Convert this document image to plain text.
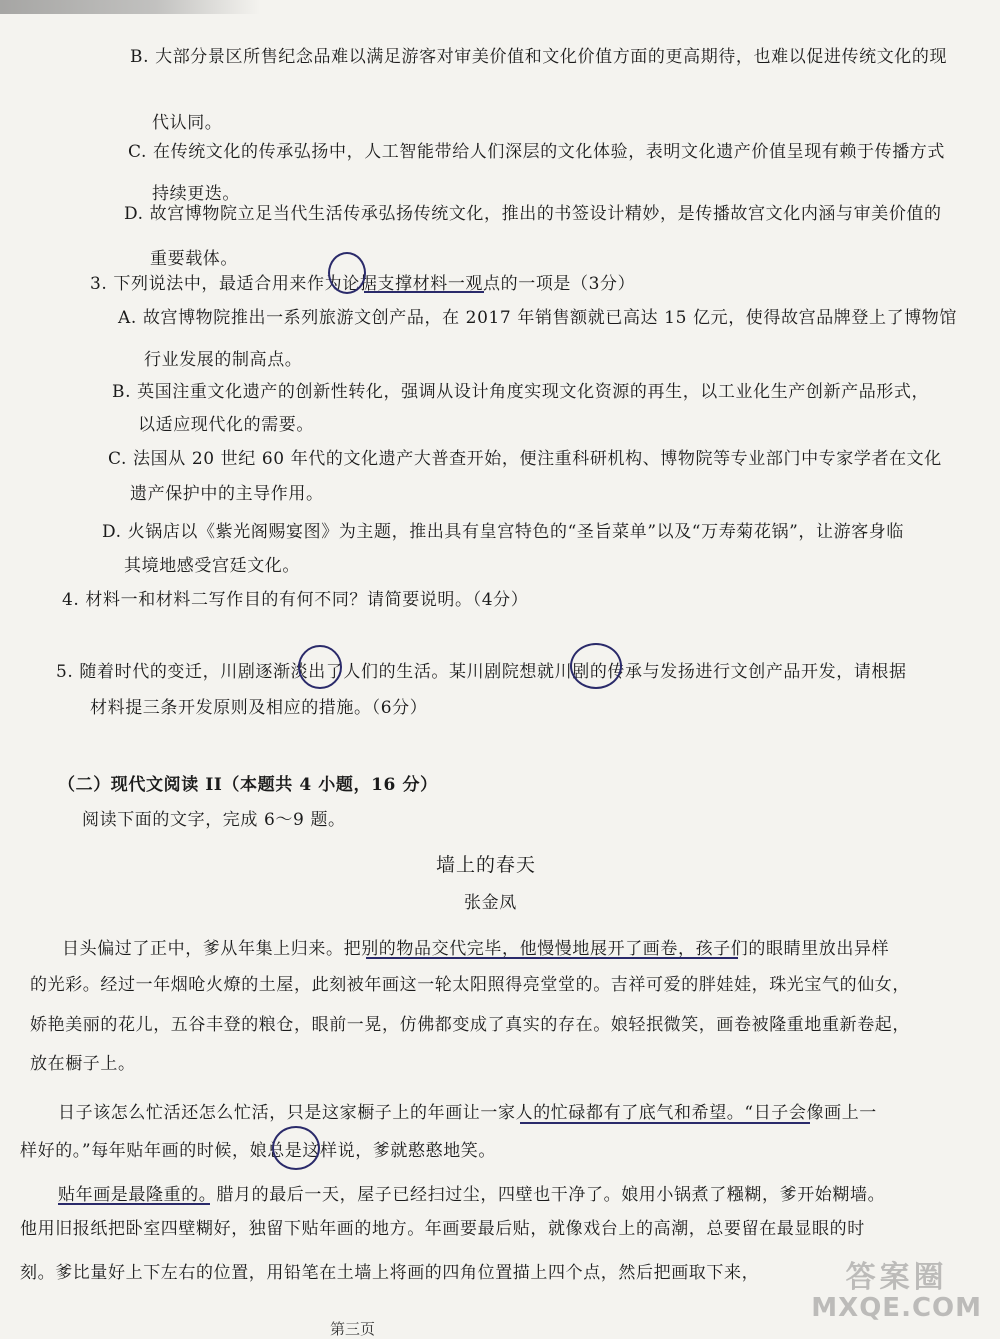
B. 大部分景区所售纪念品难以满足游客对审美价值和文化价值方面的更高期待，也难以促进传统文化的现
代认同。
C. 在传统文化的传承弘扬中，人工智能带给人们深层的文化体验，表明文化遗产价值呈现有赖于传播方式
持续更迭。
D. 故宫博物院立足当代生活传承弘扬传统文化，推出的书签设计精妙，是传播故宫文化内涵与审美价值的
重要载体。
3. 下列说法中，最适合用来作为论据支撑材料一观点的一项是（3分）
A. 故宫博物院推出一系列旅游文创产品，在 2017 年销售额就已高达 15 亿元，使得故宫品牌登上了博物馆
行业发展的制高点。
B. 英国注重文化遗产的创新性转化，强调从设计角度实现文化资源的再生，以工业化生产创新产品形式，
以适应现代化的需要。
C. 法国从 20 世纪 60 年代的文化遗产大普查开始，便注重科研机构、博物院等专业部门中专家学者在文化
遗产保护中的主导作用。
D. 火锅店以《紫光阁赐宴图》为主题，推出具有皇宫特色的“圣旨菜单”以及“万寿菊花锅”，让游客身临
其境地感受宫廷文化。
4. 材料一和材料二写作目的有何不同？请简要说明。（4分）
5. 随着时代的变迁，川剧逐渐淡出了人们的生活。某川剧院想就川剧的传承与发扬进行文创产品开发，请根据
材料提三条开发原则及相应的措施。（6分）
（二）现代文阅读 II（本题共 4 小题，16 分）
阅读下面的文字，完成 6～9 题。
墙上的春天
张金凤
日头偏过了正中，爹从年集上归来。把别的物品交代完毕，他慢慢地展开了画卷，孩子们的眼睛里放出异样
的光彩。经过一年烟呛火燎的土屋，此刻被年画这一轮太阳照得亮堂堂的。吉祥可爱的胖娃娃，珠光宝气的仙女，
娇艳美丽的花儿，五谷丰登的粮仓，眼前一晃，仿佛都变成了真实的存在。娘轻抿微笑，画卷被隆重地重新卷起，
放在橱子上。
日子该怎么忙活还怎么忙活，只是这家橱子上的年画让一家人的忙碌都有了底气和希望。“日子会像画上一
样好的。”每年贴年画的时候，娘总是这样说，爹就憨憨地笑。
贴年画是最隆重的。腊月的最后一天，屋子已经扫过尘，四壁也干净了。娘用小锅煮了糨糊，爹开始糊墙。
他用旧报纸把卧室四壁糊好，独留下贴年画的地方。年画要最后贴，就像戏台上的高潮，总要留在最显眼的时
刻。爹比量好上下左右的位置，用铅笔在土墙上将画的四角位置描上四个点，然后把画取下来，
第三页
答案圈
MXQE.COM
